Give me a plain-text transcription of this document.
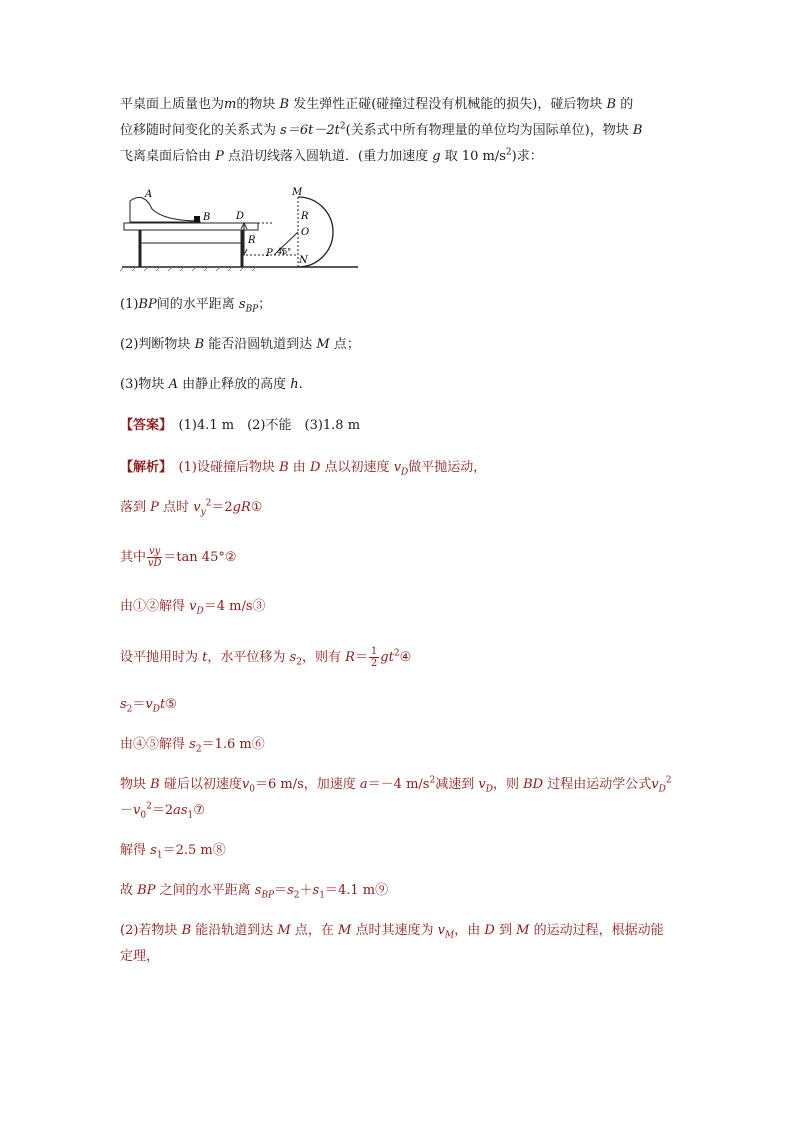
平桌面上质量也为m的物块 B 发生弹性正碰(碰撞过程没有机械能的损失)，碰后物块 B 的
位移随时间变化的关系式为 $s=6t-2t^2$(关系式中所有物理量的单位均为国际单位)，物块 B
飞离桌面后恰由 P 点沿切线落入圆轨道．(重力加速度 g 取 10 $m/s^2$)求：
A
B	D
R
M
R
O
P 45°
N
(1)BP间的水平距离 $s_{BP}$；
(2)判断物块 B 能否沿圆轨道到达 M 点；
(3)物块 A 由静止释放的高度 h.
【答案】　 (1)4.1 m　(2)不能　(3)1.8 m
【解析】　 (1)设碰撞后物块 B 由 D 点以初速度 $v_D$做平抛运动，
落到 P 点时 $v_y^2=2gR①$
其中 $\frac{vy}{vD} =\tan$ 45°②
由①②解得 $v_D=4$ m/s③
设平抛用时为 t，水平位移为 $s_2$，则有 $R= \frac{1}{2}$ $gt^2④$
$s_2=v_Dt⑤$
由④⑤解得 $s_2=1.6$ m⑥
物块 B 碰后以初速度$v_0=6$ m/s，加速度 a＝－4 $m/s^2$减速到 $v_D$，则 BD 过程由运动学公式$v_D^2$
$-v_0^2=2as_1⑦$
解得 $s_1=2.5$ m⑧
故 BP 之间的水平距离 $s_{BP}=s_2+s_1=4.1$ m⑨
(2)若物块 B 能沿轨道到达 M 点，在 M 点时其速度为 $v_M$，由 D 到 M 的运动过程，根据动能
定理，
